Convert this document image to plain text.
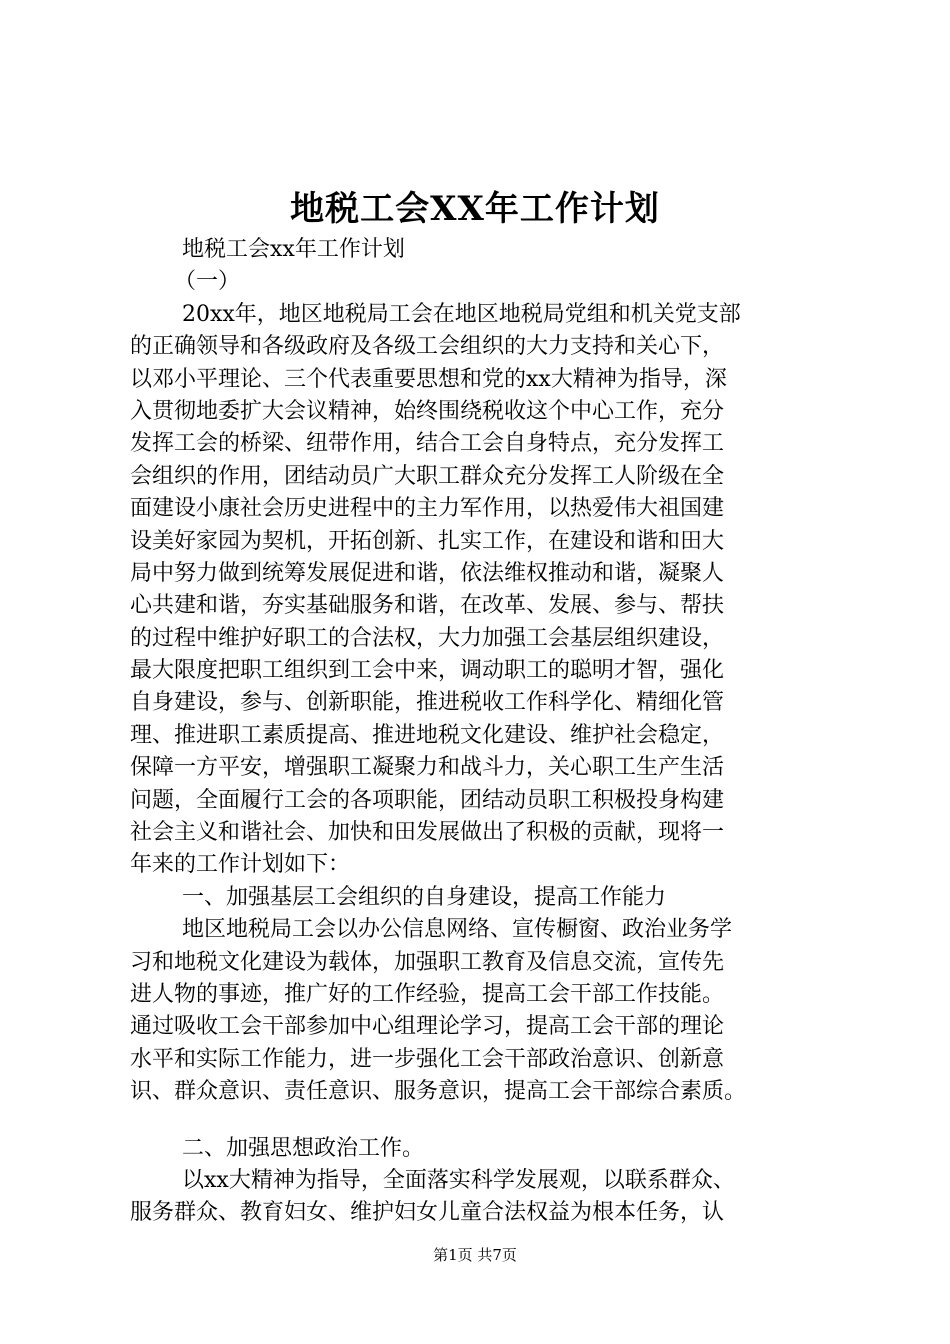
地税工会XX年工作计划
地税工会xx年工作计划
（一）
20xx年，地区地税局工会在地区地税局党组和机关党支部
的正确领导和各级政府及各级工会组织的大力支持和关心下，
以邓小平理论、三个代表重要思想和党的xx大精神为指导，深
入贯彻地委扩大会议精神，始终围绕税收这个中心工作，充分
发挥工会的桥梁、纽带作用，结合工会自身特点，充分发挥工
会组织的作用，团结动员广大职工群众充分发挥工人阶级在全
面建设小康社会历史进程中的主力军作用，以热爱伟大祖国建
设美好家园为契机，开拓创新、扎实工作，在建设和谐和田大
局中努力做到统筹发展促进和谐，依法维权推动和谐，凝聚人
心共建和谐，夯实基础服务和谐，在改革、发展、参与、帮扶
的过程中维护好职工的合法权，大力加强工会基层组织建设，
最大限度把职工组织到工会中来，调动职工的聪明才智，强化
自身建设，参与、创新职能，推进税收工作科学化、精细化管
理、推进职工素质提高、推进地税文化建设、维护社会稳定，
保障一方平安，增强职工凝聚力和战斗力，关心职工生产生活
问题，全面履行工会的各项职能，团结动员职工积极投身构建
社会主义和谐社会、加快和田发展做出了积极的贡献，现将一
年来的工作计划如下：
一、加强基层工会组织的自身建设，提高工作能力
地区地税局工会以办公信息网络、宣传橱窗、政治业务学
习和地税文化建设为载体，加强职工教育及信息交流，宣传先
进人物的事迹，推广好的工作经验，提高工会干部工作技能。
通过吸收工会干部参加中心组理论学习，提高工会干部的理论
水平和实际工作能力，进一步强化工会干部政治意识、创新意
识、群众意识、责任意识、服务意识，提高工会干部综合素质。
二、加强思想政治工作。
以xx大精神为指导，全面落实科学发展观，以联系群众、
服务群众、教育妇女、维护妇女儿童合法权益为根本任务，认
第1页 共7页
